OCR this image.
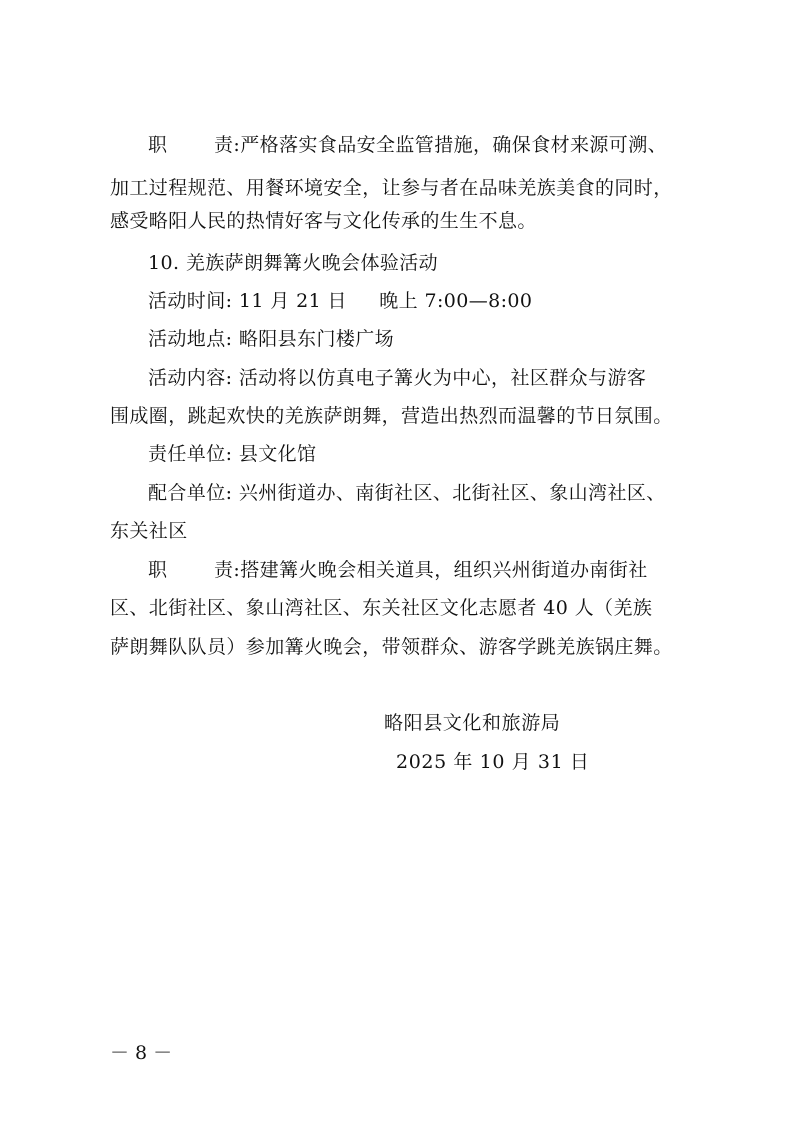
职 责:严格落实食品安全监管措施，确保食材来源可溯、
加工过程规范、用餐环境安全，让参与者在品味羌族美食的同时，
感受略阳人民的热情好客与文化传承的生生不息。
10. 羌族萨朗舞篝火晚会体验活动
活动时间: 11 月 21 日　  晚上 7:00—8:00
活动地点: 略阳县东门楼广场
活动内容: 活动将以仿真电子篝火为中心，社区群众与游客
围成圈，跳起欢快的羌族萨朗舞，营造出热烈而温馨的节日氛围。
责任单位: 县文化馆
配合单位: 兴州街道办、南街社区、北街社区、象山湾社区、
东关社区
职 责:搭建篝火晚会相关道具，组织兴州街道办南街社
区、北街社区、象山湾社区、东关社区文化志愿者 40 人（羌族
萨朗舞队队员）参加篝火晚会，带领群众、游客学跳羌族锅庄舞。
略阳县文化和旅游局
2025 年 10 月 31 日
－ 8 －
